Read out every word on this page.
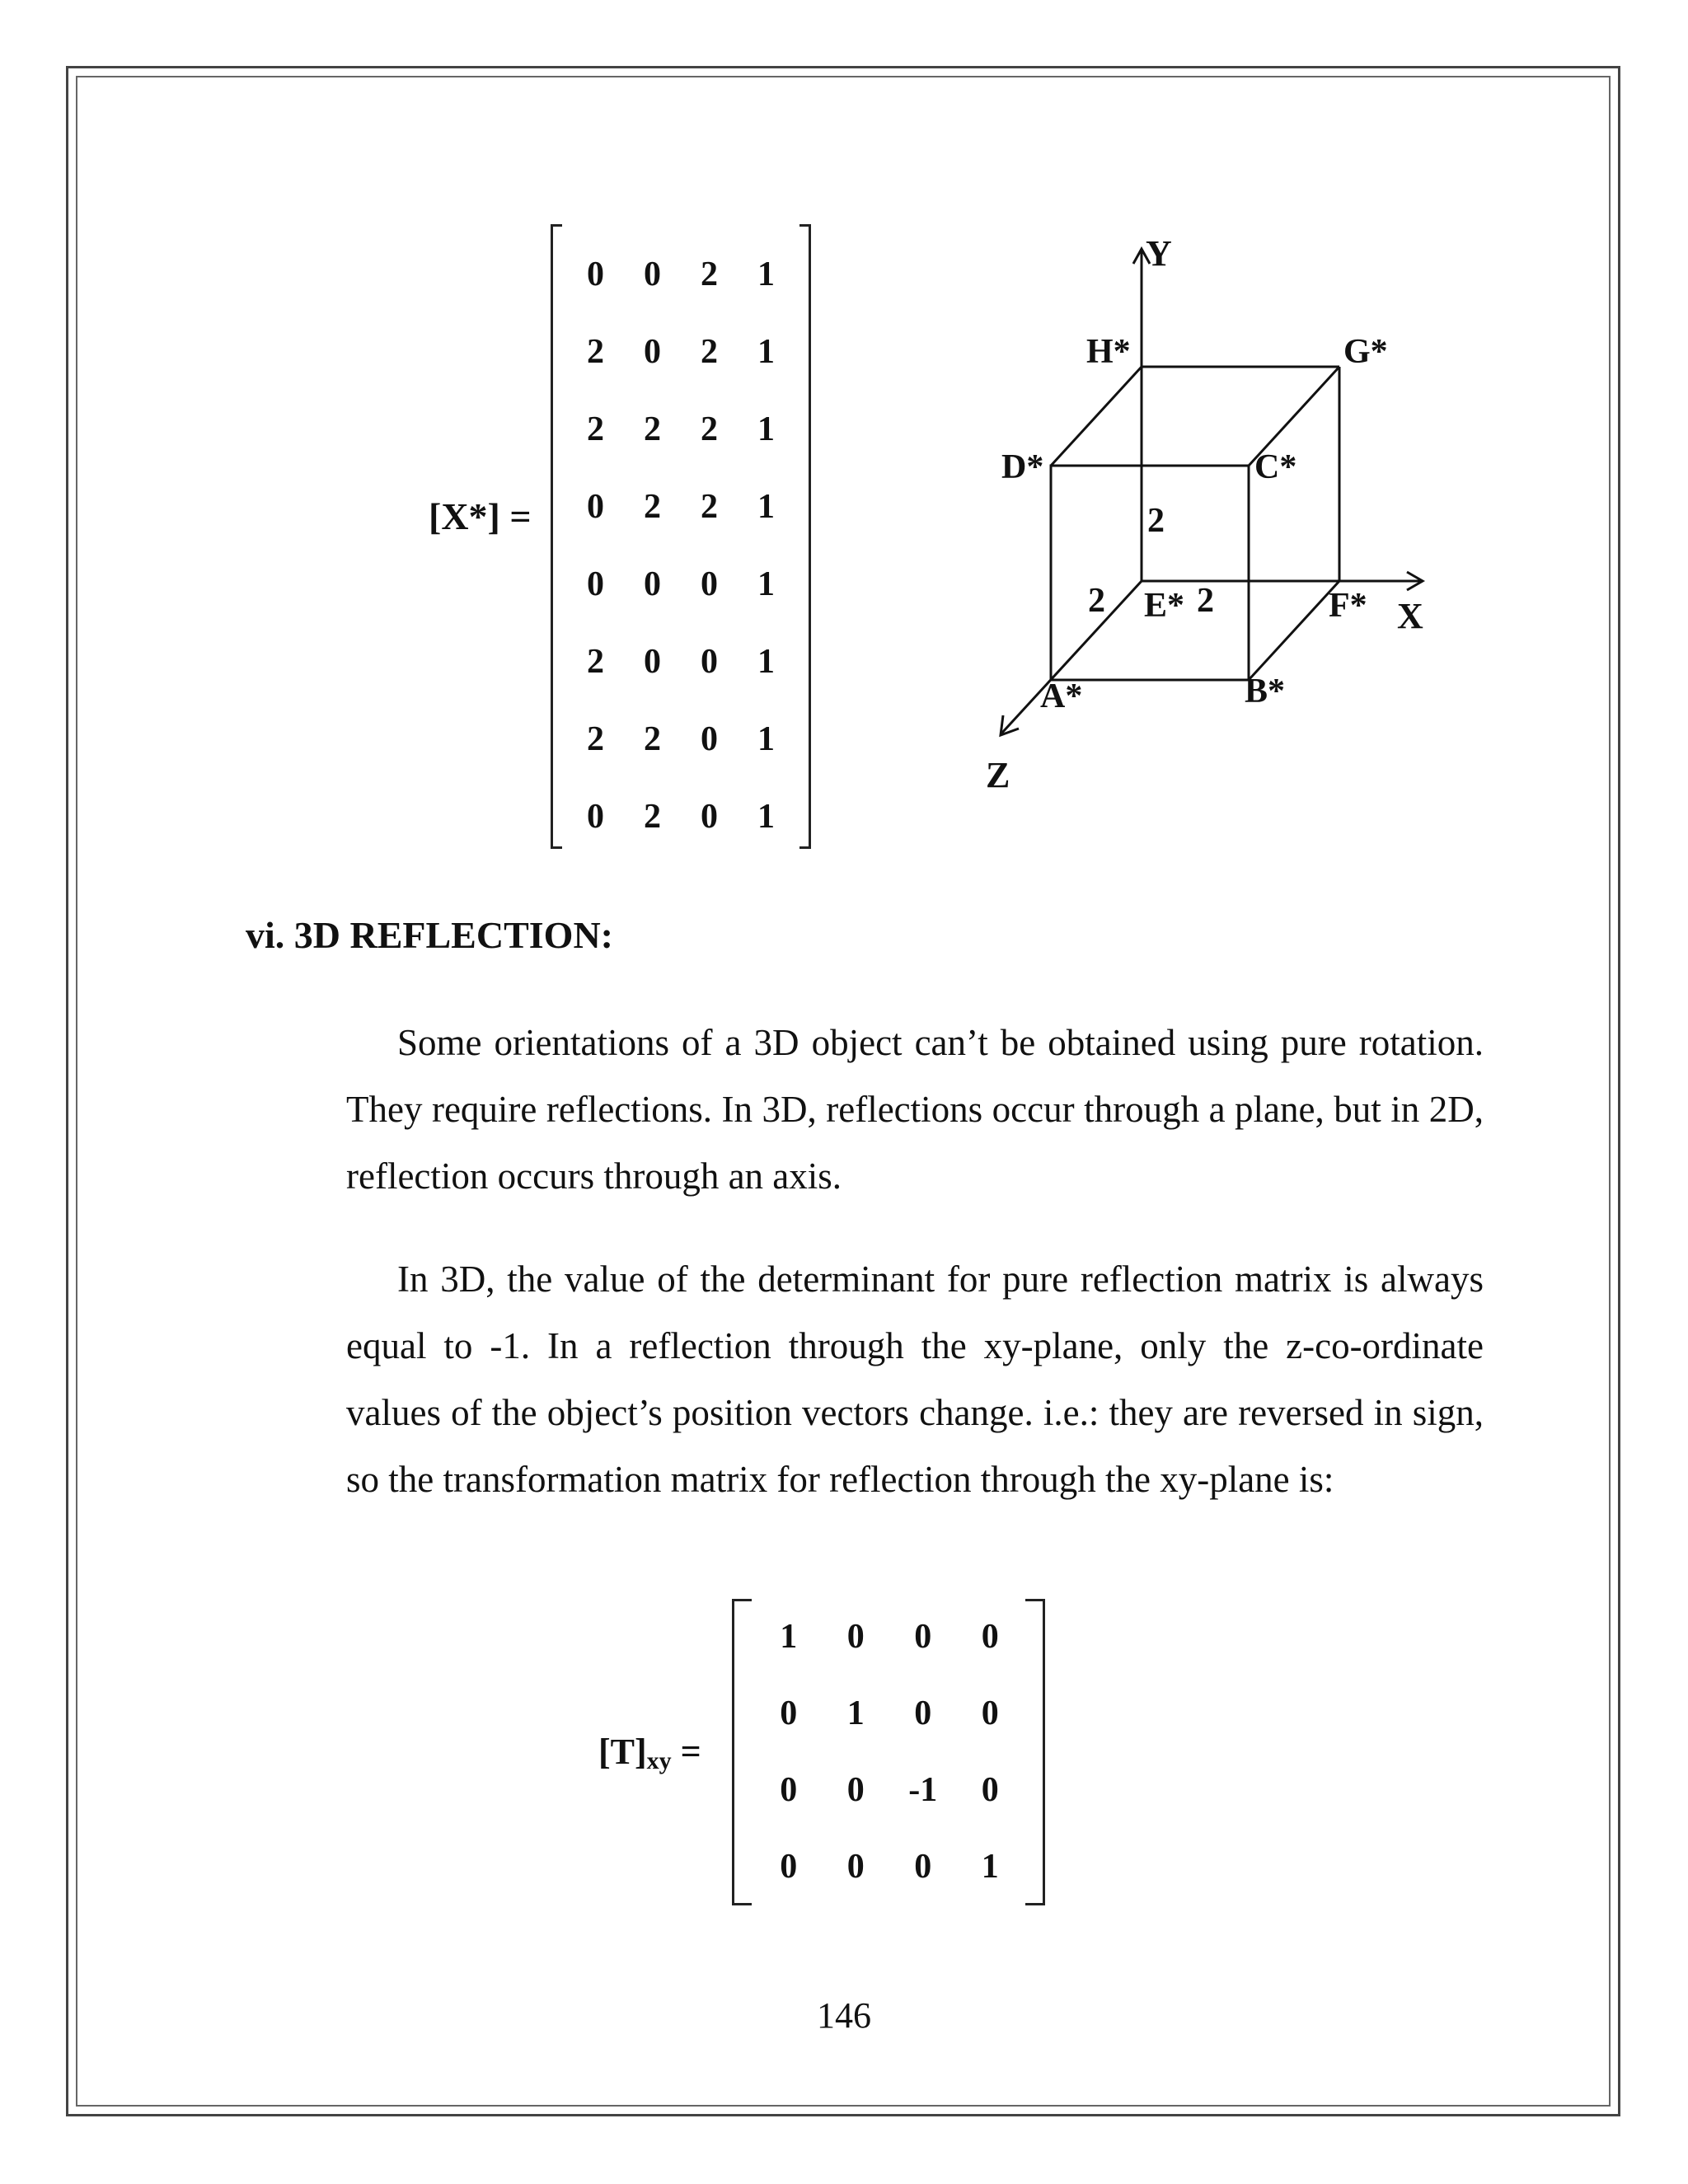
[X*] =
0	0	2	1
2	0	2	1
2	2	2	1
0	2	2	1
0	0	0	1
2	0	0	1
2	2	0	1
0	2	0	1
Y
X
Z
H*	G*
D*	C*
E*	F*
A*	B*
2
2	2
vi. 3D REFLECTION:
Some orientations of a 3D object can’t be obtained using pure rotation. They require reflections. In 3D, reflections occur through a plane, but in 2D, reflection occurs through an axis.
In 3D, the value of the determinant for pure reflection matrix is always equal to -1. In a reflection through the xy-plane, only the z-co-ordinate values of the object’s position vectors change. i.e.: they are reversed in sign, so the transformation matrix for reflection through the xy-plane is:
$[T]_{xy}$ =
1	0	0	0
0	1	0	0
0	0	-1	0
0	0	0	1
146
